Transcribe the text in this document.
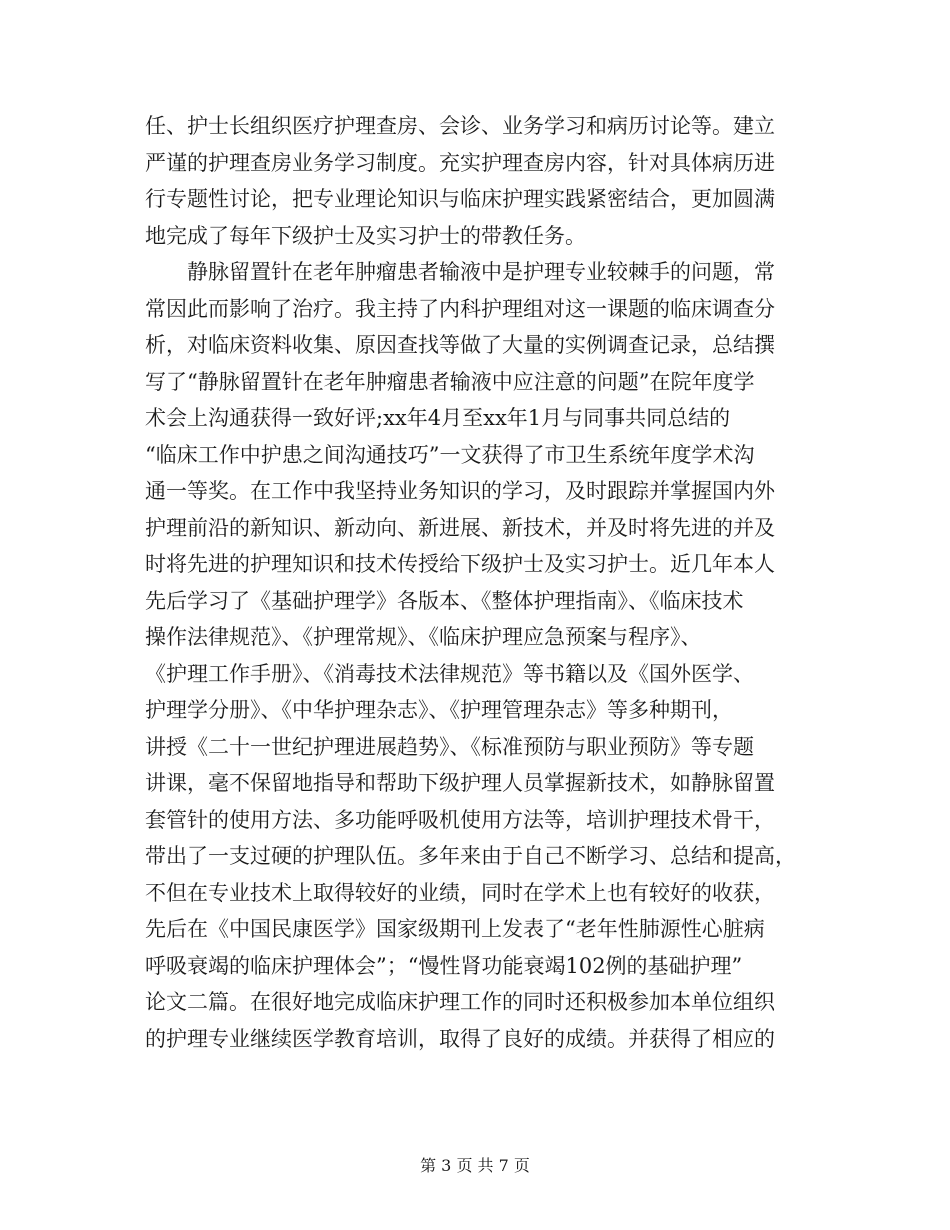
任、护士长组织医疗护理查房、会诊、业务学习和病历讨论等。建立
严谨的护理查房业务学习制度。充实护理查房内容，针对具体病历进
行专题性讨论，把专业理论知识与临床护理实践紧密结合，更加圆满
地完成了每年下级护士及实习护士的带教任务。
静脉留置针在老年肿瘤患者输液中是护理专业较棘手的问题，常
常因此而影响了治疗。我主持了内科护理组对这一课题的临床调查分
析，对临床资料收集、原因查找等做了大量的实例调查记录，总结撰
写了“静脉留置针在老年肿瘤患者输液中应注意的问题”在院年度学
术会上沟通获得一致好评;xx年4月至xx年1月与同事共同总结的
“临床工作中护患之间沟通技巧”一文获得了市卫生系统年度学术沟
通一等奖。在工作中我坚持业务知识的学习，及时跟踪并掌握国内外
护理前沿的新知识、新动向、新进展、新技术，并及时将先进的并及
时将先进的护理知识和技术传授给下级护士及实习护士。近几年本人
先后学习了《基础护理学》各版本、《整体护理指南》、《临床技术
操作法律规范》、《护理常规》、《临床护理应急预案与程序》、
《护理工作手册》、《消毒技术法律规范》等书籍以及《国外医学、
护理学分册》、《中华护理杂志》、《护理管理杂志》等多种期刊，
讲授《二十一世纪护理进展趋势》、《标准预防与职业预防》等专题
讲课，毫不保留地指导和帮助下级护理人员掌握新技术，如静脉留置
套管针的使用方法、多功能呼吸机使用方法等，培训护理技术骨干，
带出了一支过硬的护理队伍。多年来由于自己不断学习、总结和提高，
不但在专业技术上取得较好的业绩，同时在学术上也有较好的收获，
先后在《中国民康医学》国家级期刊上发表了“老年性肺源性心脏病
呼吸衰竭的临床护理体会”；“慢性肾功能衰竭102例的基础护理”
论文二篇。在很好地完成临床护理工作的同时还积极参加本单位组织
的护理专业继续医学教育培训，取得了良好的成绩。并获得了相应的
第 3 页 共 7 页
